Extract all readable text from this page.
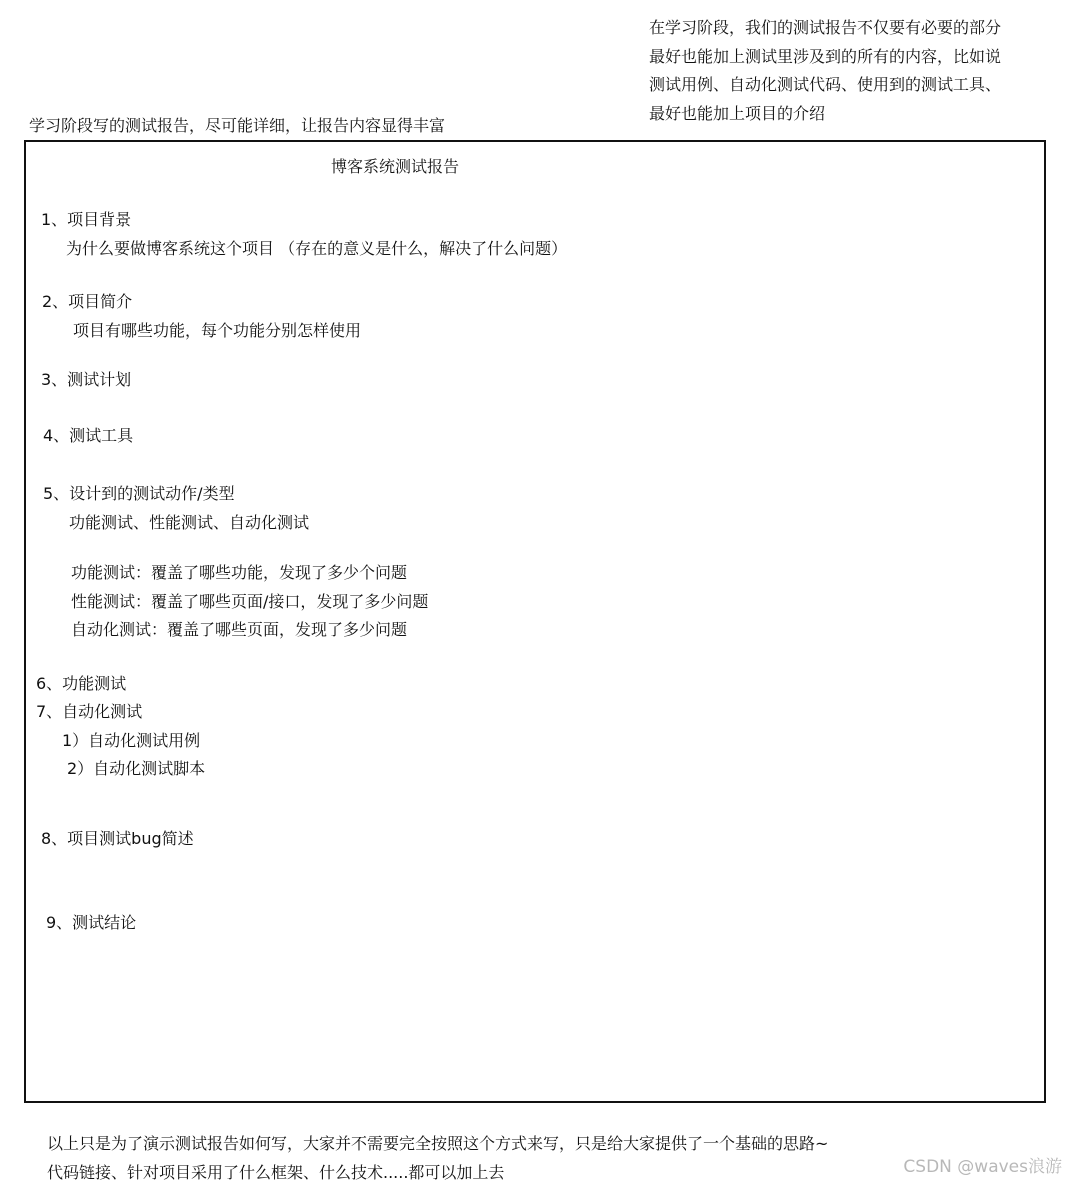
在学习阶段，我们的测试报告不仅要有必要的部分
最好也能加上测试里涉及到的所有的内容，比如说
测试用例、自动化测试代码、使用到的测试工具、
最好也能加上项目的介绍
学习阶段写的测试报告，尽可能详细，让报告内容显得丰富
博客系统测试报告
1、项目背景
为什么要做博客系统这个项目 （存在的意义是什么，解决了什么问题）
2、项目简介
项目有哪些功能，每个功能分别怎样使用
3、测试计划
4、测试工具
5、设计到的测试动作/类型
功能测试、性能测试、自动化测试
功能测试：覆盖了哪些功能，发现了多少个问题
性能测试：覆盖了哪些页面/接口，发现了多少问题
自动化测试：覆盖了哪些页面，发现了多少问题
6、功能测试
7、自动化测试
1）自动化测试用例
2）自动化测试脚本
8、项目测试bug简述
9、测试结论
以上只是为了演示测试报告如何写，大家并不需要完全按照这个方式来写，只是给大家提供了一个基础的思路~
代码链接、针对项目采用了什么框架、什么技术.....都可以加上去	CSDN @waves浪游
